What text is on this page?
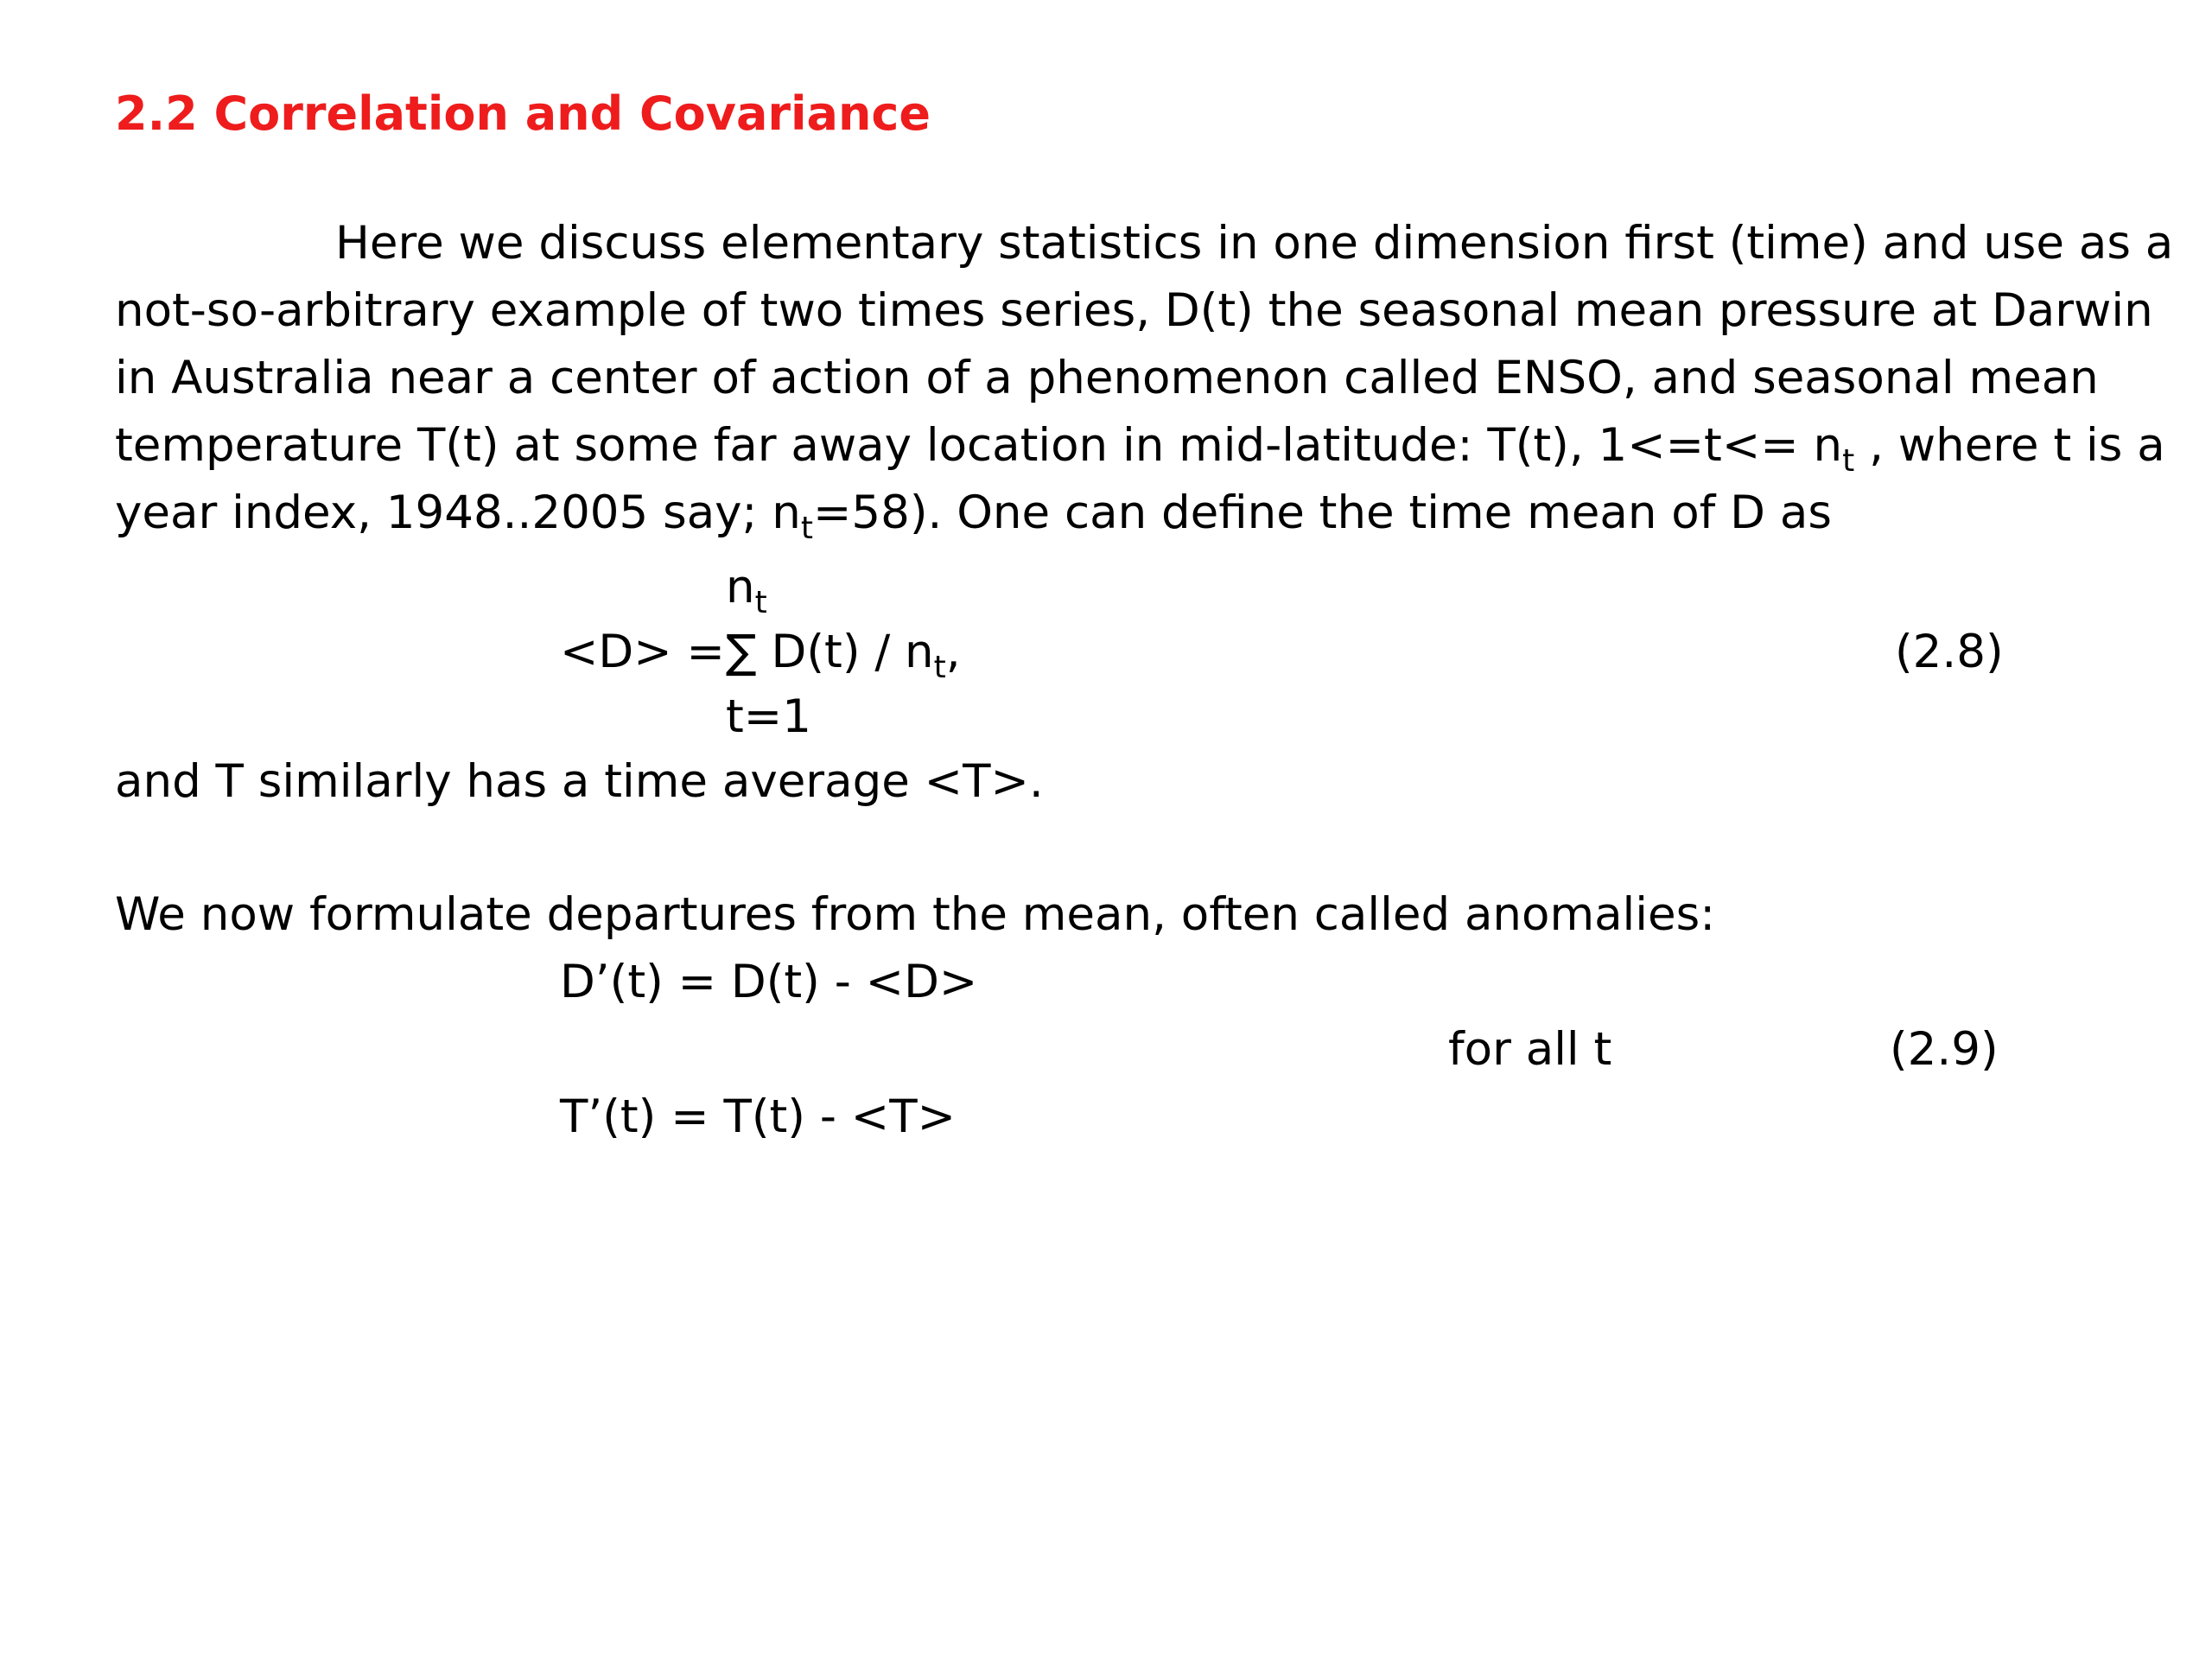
2.2 Correlation and Covariance
Here we discuss elementary statistics in one dimension first (time) and use as a
not-so-arbitrary example of two times series, D(t) the seasonal mean pressure at Darwin
in Australia near a center of action of a phenomenon called ENSO, and seasonal mean
temperature T(t) at some far away location in mid-latitude: T(t), $1<=t<= n_t$ , where t is a
year index, 1948..2005 say; $n_t=58$). One can define the time mean of D as
$n_t$
<D> = ∑ $D(t) / n_t$,	(2.8)
t=1
and T similarly has a time average <T>.
We now formulate departures from the mean, often called anomalies:
D’(t) = D(t) - <D>
for all t	(2.9)
T’(t) = T(t) - <T>
